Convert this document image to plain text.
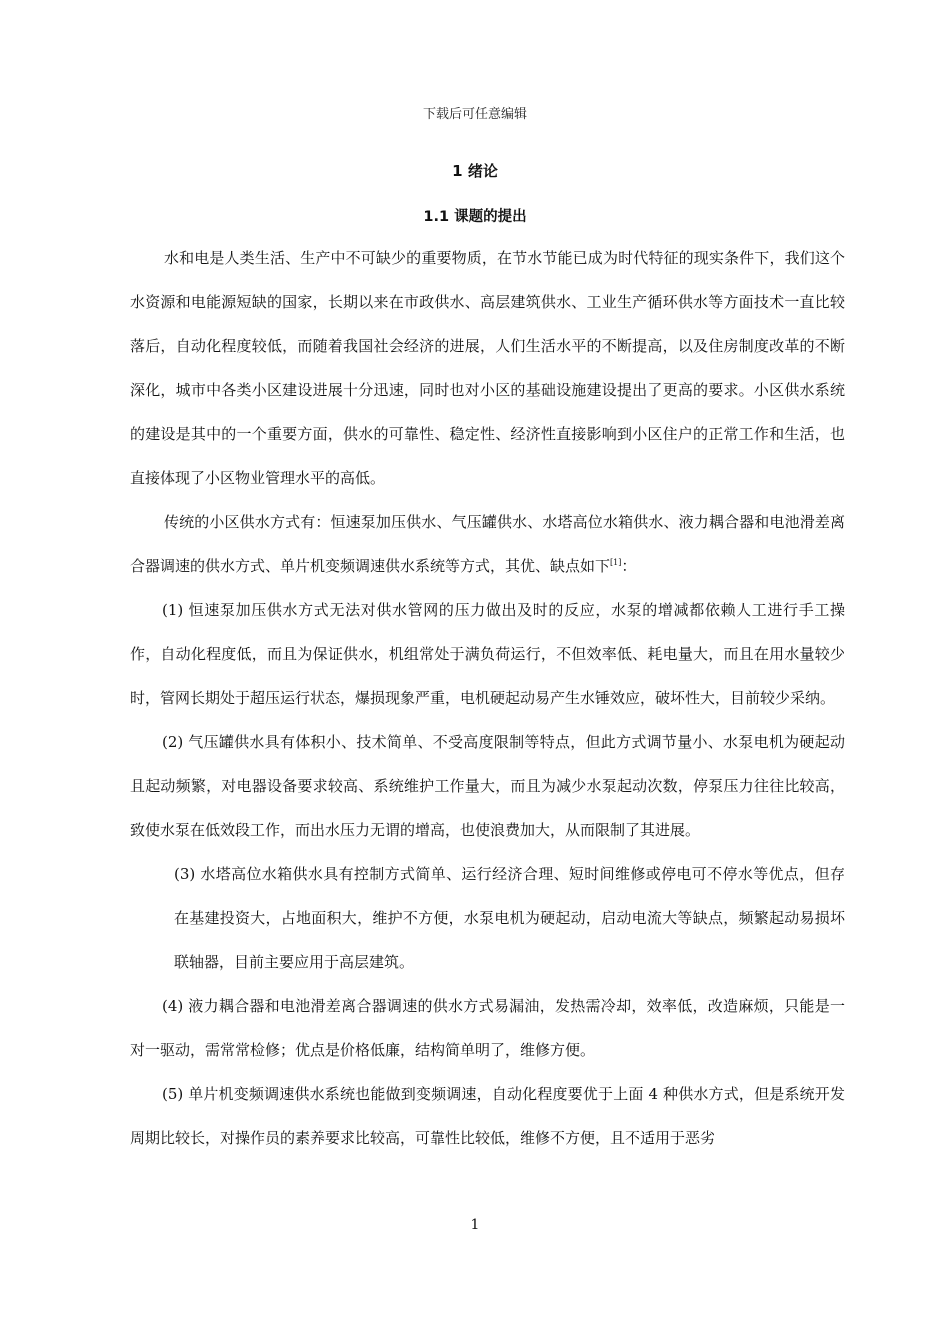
下载后可任意编辑
1 绪论
1.1 课题的提出

水和电是人类生活、生产中不可缺少的重要物质，在节水节能已成为时代特征的现实条件下，我们这个水资源和电能源短缺的国家，长期以来在市政供水、高层建筑供水、工业生产循环供水等方面技术一直比较落后，自动化程度较低，而随着我国社会经济的进展，人们生活水平的不断提高，以及住房制度改革的不断深化，城市中各类小区建设进展十分迅速，同时也对小区的基础设施建设提出了更高的要求。小区供水系统的建设是其中的一个重要方面，供水的可靠性、稳定性、经济性直接影响到小区住户的正常工作和生活，也直接体现了小区物业管理水平的高低。

传统的小区供水方式有：恒速泵加压供水、气压罐供水、水塔高位水箱供水、液力耦合器和电池滑差离合器调速的供水方式、单片机变频调速供水系统等方式，其优、缺点如下[1]：

(1) 恒速泵加压供水方式无法对供水管网的压力做出及时的反应，水泵的增减都依赖人工进行手工操作，自动化程度低，而且为保证供水，机组常处于满负荷运行，不但效率低、耗电量大，而且在用水量较少时，管网长期处于超压运行状态，爆损现象严重，电机硬起动易产生水锤效应，破坏性大，目前较少采纳。

(2) 气压罐供水具有体积小、技术简单、不受高度限制等特点，但此方式调节量小、水泵电机为硬起动且起动频繁，对电器设备要求较高、系统维护工作量大，而且为减少水泵起动次数，停泵压力往往比较高，致使水泵在低效段工作，而出水压力无谓的增高，也使浪费加大，从而限制了其进展。

(3) 水塔高位水箱供水具有控制方式简单、运行经济合理、短时间维修或停电可不停水等优点，但存在基建投资大，占地面积大，维护不方便，水泵电机为硬起动，启动电流大等缺点，频繁起动易损坏联轴器，目前主要应用于高层建筑。

(4) 液力耦合器和电池滑差离合器调速的供水方式易漏油，发热需冷却，效率低，改造麻烦，只能是一对一驱动，需常常检修；优点是价格低廉，结构简单明了，维修方便。

(5) 单片机变频调速供水系统也能做到变频调速，自动化程度要优于上面 4 种供水方式，但是系统开发周期比较长，对操作员的素养要求比较高，可靠性比较低，维修不方便，且不适用于恶劣

1
